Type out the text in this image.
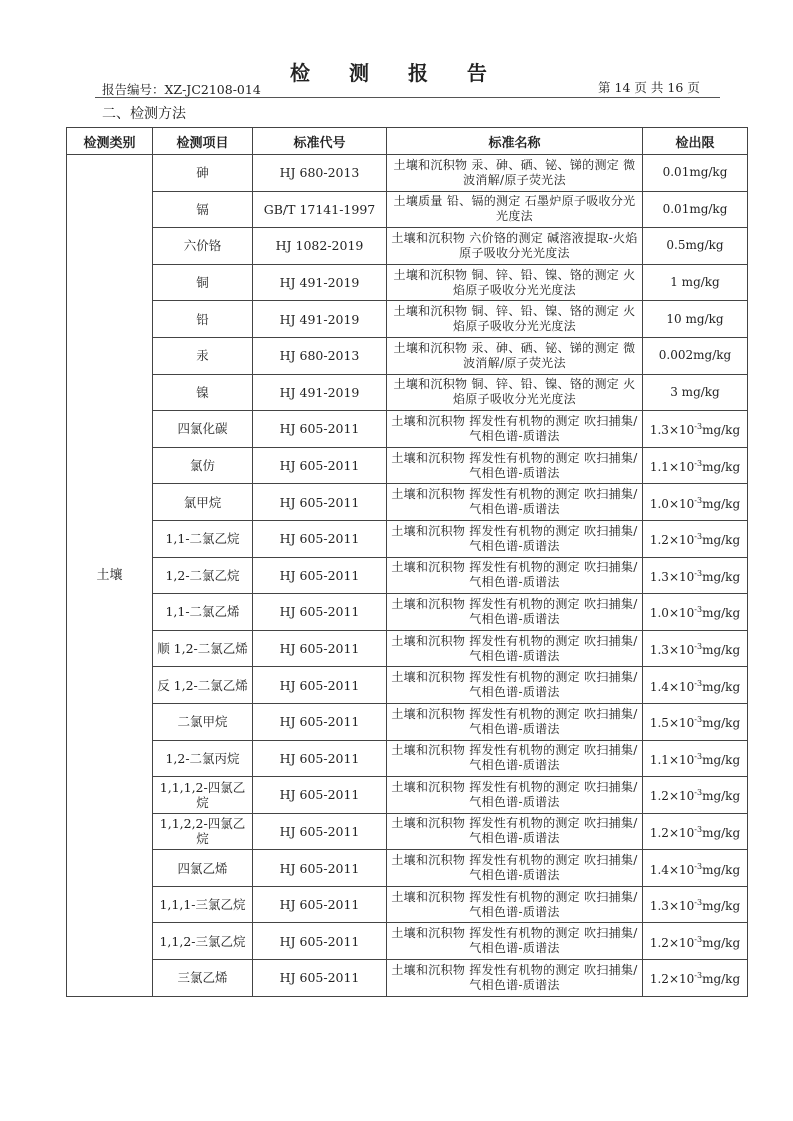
检 测 报 告
报告编号：XZ-JC2108-014	第 14 页 共 16 页
二、检测方法
检测类别	检测项目	标准代号	标准名称	检出限
土壤	砷	HJ 680-2013	土壤和沉积物 汞、砷、硒、铋、锑的测定 微波消解/原子荧光法	0.01mg/kg
	镉	GB/T 17141-1997	土壤质量 铅、镉的测定 石墨炉原子吸收分光光度法	0.01mg/kg
	六价铬	HJ 1082-2019	土壤和沉积物 六价铬的测定 碱溶液提取-火焰原子吸收分光光度法	0.5mg/kg
	铜	HJ 491-2019	土壤和沉积物 铜、锌、铅、镍、铬的测定 火焰原子吸收分光光度法	1 mg/kg
	铅	HJ 491-2019	土壤和沉积物 铜、锌、铅、镍、铬的测定 火焰原子吸收分光光度法	10 mg/kg
	汞	HJ 680-2013	土壤和沉积物 汞、砷、硒、铋、锑的测定 微波消解/原子荧光法	0.002mg/kg
	镍	HJ 491-2019	土壤和沉积物 铜、锌、铅、镍、铬的测定 火焰原子吸收分光光度法	3 mg/kg
	四氯化碳	HJ 605-2011	土壤和沉积物 挥发性有机物的测定 吹扫捕集/ 气相色谱-质谱法	$1.3\times 10^{-3}mg/kg$
	氯仿	HJ 605-2011	土壤和沉积物 挥发性有机物的测定 吹扫捕集/ 气相色谱-质谱法	$1.1\times 10^{-3}mg/kg$
	氯甲烷	HJ 605-2011	土壤和沉积物 挥发性有机物的测定 吹扫捕集/ 气相色谱-质谱法	$1.0\times 10^{-3}mg/kg$
	1,1-二氯乙烷	HJ 605-2011	土壤和沉积物 挥发性有机物的测定 吹扫捕集/ 气相色谱-质谱法	$1.2\times 10^{-3}mg/kg$
	1,2-二氯乙烷	HJ 605-2011	土壤和沉积物 挥发性有机物的测定 吹扫捕集/ 气相色谱-质谱法	$1.3\times 10^{-3}mg/kg$
	1,1-二氯乙烯	HJ 605-2011	土壤和沉积物 挥发性有机物的测定 吹扫捕集/ 气相色谱-质谱法	$1.0\times 10^{-3}mg/kg$
	顺 1,2-二氯乙烯	HJ 605-2011	土壤和沉积物 挥发性有机物的测定 吹扫捕集/ 气相色谱-质谱法	$1.3\times 10^{-3}mg/kg$
	反 1,2-二氯乙烯	HJ 605-2011	土壤和沉积物 挥发性有机物的测定 吹扫捕集/ 气相色谱-质谱法	$1.4\times 10^{-3}mg/kg$
	二氯甲烷	HJ 605-2011	土壤和沉积物 挥发性有机物的测定 吹扫捕集/ 气相色谱-质谱法	$1.5\times 10^{-3}mg/kg$
	1,2-二氯丙烷	HJ 605-2011	土壤和沉积物 挥发性有机物的测定 吹扫捕集/ 气相色谱-质谱法	$1.1\times 10^{-3}mg/kg$
	1,1,1,2-四氯乙烷	HJ 605-2011	土壤和沉积物 挥发性有机物的测定 吹扫捕集/ 气相色谱-质谱法	$1.2\times 10^{-3}mg/kg$
	1,1,2,2-四氯乙烷	HJ 605-2011	土壤和沉积物 挥发性有机物的测定 吹扫捕集/ 气相色谱-质谱法	$1.2\times 10^{-3}mg/kg$
	四氯乙烯	HJ 605-2011	土壤和沉积物 挥发性有机物的测定 吹扫捕集/ 气相色谱-质谱法	$1.4\times 10^{-3}mg/kg$
	1,1,1-三氯乙烷	HJ 605-2011	土壤和沉积物 挥发性有机物的测定 吹扫捕集/ 气相色谱-质谱法	$1.3\times 10^{-3}mg/kg$
	1,1,2-三氯乙烷	HJ 605-2011	土壤和沉积物 挥发性有机物的测定 吹扫捕集/ 气相色谱-质谱法	$1.2\times 10^{-3}mg/kg$
	三氯乙烯	HJ 605-2011	土壤和沉积物 挥发性有机物的测定 吹扫捕集/ 气相色谱-质谱法	$1.2\times 10^{-3}mg/kg$
